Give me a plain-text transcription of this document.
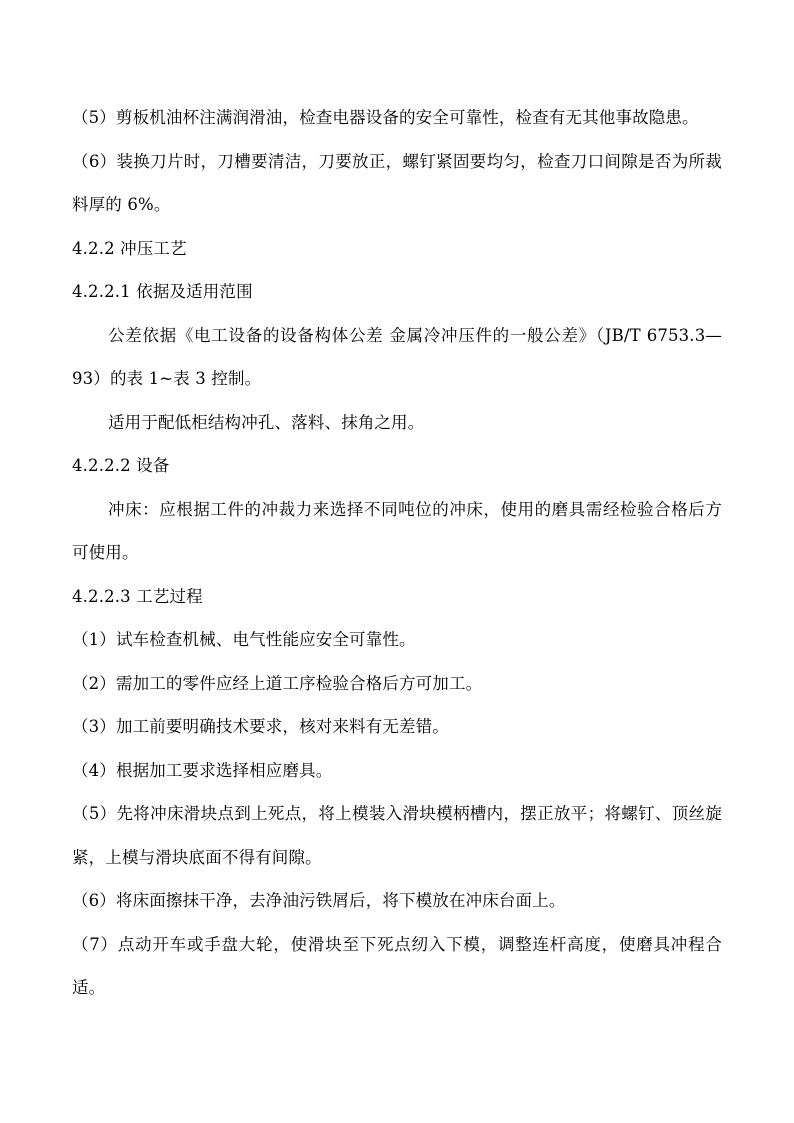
（5）剪板机油杯注满润滑油，检查电器设备的安全可靠性，检查有无其他事故隐患。

（6）装换刀片时，刀槽要清洁，刀要放正，螺钉紧固要均匀，检查刀口间隙是否为所裁料厚的 6%。

4.2.2 冲压工艺

4.2.2.1 依据及适用范围

公差依据《电工设备的设备构体公差 金属冷冲压件的一般公差》（JB/T 6753.3—93）的表 1~表 3 控制。

适用于配低柜结构冲孔、落料、抹角之用。

4.2.2.2 设备

冲床：应根据工件的冲裁力来选择不同吨位的冲床，使用的磨具需经检验合格后方可使用。

4.2.2.3 工艺过程

（1）试车检查机械、电气性能应安全可靠性。

（2）需加工的零件应经上道工序检验合格后方可加工。

（3）加工前要明确技术要求，核对来料有无差错。

（4）根据加工要求选择相应磨具。

（5）先将冲床滑块点到上死点，将上模装入滑块模柄槽内，摆正放平；将螺钉、顶丝旋紧，上模与滑块底面不得有间隙。

（6）将床面擦抹干净，去净油污铁屑后，将下模放在冲床台面上。

（7）点动开车或手盘大轮，使滑块至下死点纫入下模，调整连杆高度，使磨具冲程合适。
